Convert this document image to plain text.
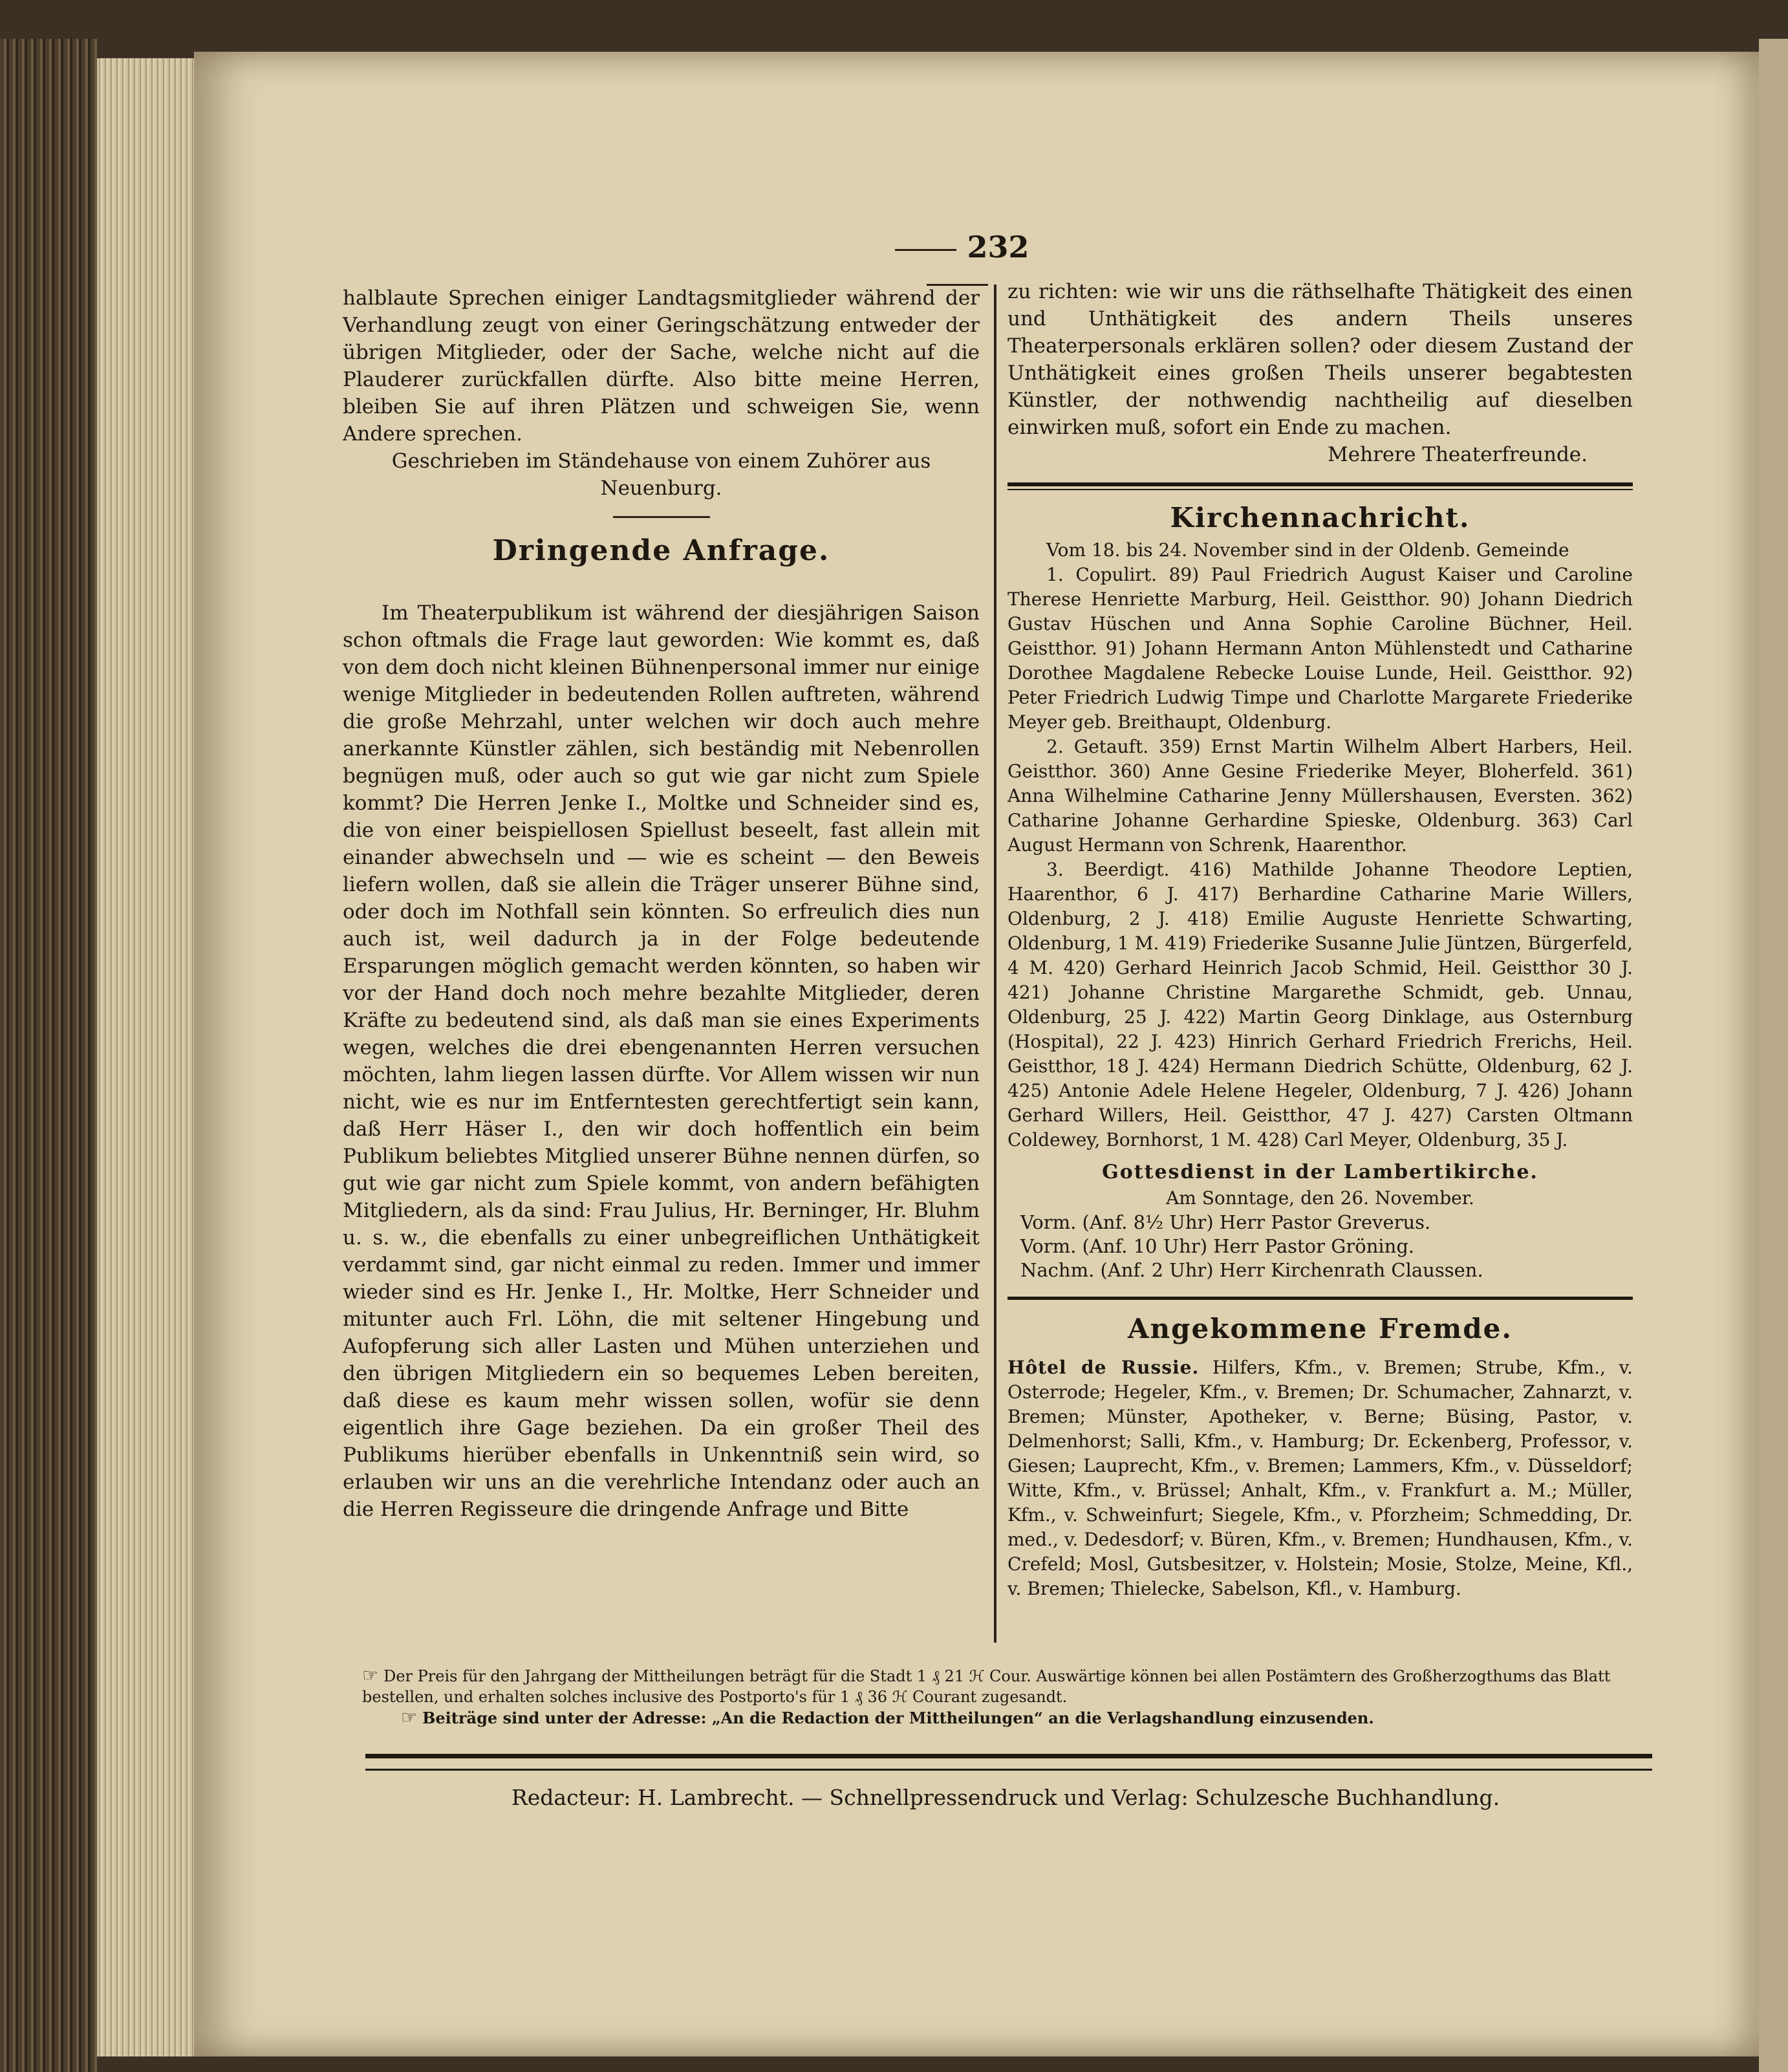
232

halblaute Sprechen einiger Landtagsmitglieder während der Verhandlung zeugt von einer Geringschätzung entweder der übrigen Mitglieder, oder der Sache, welche nicht auf die Plauderer zurückfallen dürfte. Also bitte meine Herren, bleiben Sie auf ihren Plätzen und schweigen Sie, wenn Andere sprechen.

Geschrieben im Ständehause von einem Zuhörer aus Neuenburg.

Dringende Anfrage.

Im Theaterpublikum ist während der diesjährigen Saison schon oftmals die Frage laut geworden: Wie kommt es, daß von dem doch nicht kleinen Bühnenpersonal immer nur einige wenige Mitglieder in bedeutenden Rollen auftreten, während die große Mehrzahl, unter welchen wir doch auch mehre anerkannte Künstler zählen, sich beständig mit Nebenrollen begnügen muß, oder auch so gut wie gar nicht zum Spiele kommt? Die Herren Jenke I., Moltke und Schneider sind es, die von einer beispiellosen Spiellust beseelt, fast allein mit einander abwechseln und — wie es scheint — den Beweis liefern wollen, daß sie allein die Träger unserer Bühne sind, oder doch im Nothfall sein könnten. So erfreulich dies nun auch ist, weil dadurch ja in der Folge bedeutende Ersparungen möglich gemacht werden könnten, so haben wir vor der Hand doch noch mehre bezahlte Mitglieder, deren Kräfte zu bedeutend sind, als daß man sie eines Experiments wegen, welches die drei ebengenannten Herren versuchen möchten, lahm liegen lassen dürfte. Vor Allem wissen wir nun nicht, wie es nur im Entferntesten gerechtfertigt sein kann, daß Herr Häser I., den wir doch hoffentlich ein beim Publikum beliebtes Mitglied unserer Bühne nennen dürfen, so gut wie gar nicht zum Spiele kommt, von andern befähigten Mitgliedern, als da sind: Frau Julius, Hr. Berninger, Hr. Bluhm u. s. w., die ebenfalls zu einer unbegreiflichen Unthätigkeit verdammt sind, gar nicht einmal zu reden. Immer und immer wieder sind es Hr. Jenke I., Hr. Moltke, Herr Schneider und mitunter auch Frl. Löhn, die mit seltener Hingebung und Aufopferung sich aller Lasten und Mühen unterziehen und den übrigen Mitgliedern ein so bequemes Leben bereiten, daß diese es kaum mehr wissen sollen, wofür sie denn eigentlich ihre Gage beziehen. Da ein großer Theil des Publikums hierüber ebenfalls in Unkenntniß sein wird, so erlauben wir uns an die verehrliche Intendanz oder auch an die Herren Regisseure die dringende Anfrage und Bitte

zu richten: wie wir uns die räthselhafte Thätigkeit des einen und Unthätigkeit des andern Theils unseres Theaterpersonals erklären sollen? oder diesem Zustand der Unthätigkeit eines großen Theils unserer begabtesten Künstler, der nothwendig nachtheilig auf dieselben einwirken muß, sofort ein Ende zu machen.

Mehrere Theaterfreunde.

Kirchennachricht.

Vom 18. bis 24. November sind in der Oldenb. Gemeinde

1. Copulirt. 89) Paul Friedrich August Kaiser und Caroline Therese Henriette Marburg, Heil. Geistthor. 90) Johann Diedrich Gustav Hüschen und Anna Sophie Caroline Büchner, Heil. Geistthor. 91) Johann Hermann Anton Mühlenstedt und Catharine Dorothee Magdalene Rebecke Louise Lunde, Heil. Geistthor. 92) Peter Friedrich Ludwig Timpe und Charlotte Margarete Friederike Meyer geb. Breithaupt, Oldenburg.

2. Getauft. 359) Ernst Martin Wilhelm Albert Harbers, Heil. Geistthor. 360) Anne Gesine Friederike Meyer, Bloherfeld. 361) Anna Wilhelmine Catharine Jenny Müllershausen, Eversten. 362) Catharine Johanne Gerhardine Spieske, Oldenburg. 363) Carl August Hermann von Schrenk, Haarenthor.

3. Beerdigt. 416) Mathilde Johanne Theodore Leptien, Haarenthor, 6 J. 417) Berhardine Catharine Marie Willers, Oldenburg, 2 J. 418) Emilie Auguste Henriette Schwarting, Oldenburg, 1 M. 419) Friederike Susanne Julie Jüntzen, Bürgerfeld, 4 M. 420) Gerhard Heinrich Jacob Schmid, Heil. Geistthor 30 J. 421) Johanne Christine Margarethe Schmidt, geb. Unnau, Oldenburg, 25 J. 422) Martin Georg Dinklage, aus Osternburg (Hospital), 22 J. 423) Hinrich Gerhard Friedrich Frerichs, Heil. Geistthor, 18 J. 424) Hermann Diedrich Schütte, Oldenburg, 62 J. 425) Antonie Adele Helene Hegeler, Oldenburg, 7 J. 426) Johann Gerhard Willers, Heil. Geistthor, 47 J. 427) Carsten Oltmann Coldewey, Bornhorst, 1 M. 428) Carl Meyer, Oldenburg, 35 J.

Gottesdienst in der Lambertikirche.
Am Sonntage, den 26. November.
Vorm. (Anf. 8½ Uhr) Herr Pastor Greverus.
Vorm. (Anf. 10 Uhr) Herr Pastor Gröning.
Nachm. (Anf. 2 Uhr) Herr Kirchenrath Claussen.
Angekommene Fremde.

Hôtel de Russie. Hilfers, Kfm., v. Bremen; Strube, Kfm., v. Osterrode; Hegeler, Kfm., v. Bremen; Dr. Schumacher, Zahnarzt, v. Bremen; Münster, Apotheker, v. Berne; Büsing, Pastor, v. Delmenhorst; Salli, Kfm., v. Hamburg; Dr. Eckenberg, Professor, v. Giesen; Lauprecht, Kfm., v. Bremen; Lammers, Kfm., v. Düsseldorf; Witte, Kfm., v. Brüssel; Anhalt, Kfm., v. Frankfurt a. M.; Müller, Kfm., v. Schweinfurt; Siegele, Kfm., v. Pforzheim; Schmedding, Dr. med., v. Dedesdorf; v. Büren, Kfm., v. Bremen; Hundhausen, Kfm., v. Crefeld; Mosl, Gutsbesitzer, v. Holstein; Mosie, Stolze, Meine, Kfl., v. Bremen; Thielecke, Sabelson, Kfl., v. Hamburg.

☞ Der Preis für den Jahrgang der Mittheilungen beträgt für die Stadt 1 ₰ 21 ℋ Cour. Auswärtige können bei allen Postämtern des Großherzogthums das Blatt bestellen, und erhalten solches inclusive des Postporto's für 1 ₰ 36 ℋ Courant zugesandt.

☞ Beiträge sind unter der Adresse: „An die Redaction der Mittheilungen“ an die Verlagshandlung einzusenden.

Redacteur: H. Lambrecht. — Schnellpressendruck und Verlag: Schulzesche Buchhandlung.
